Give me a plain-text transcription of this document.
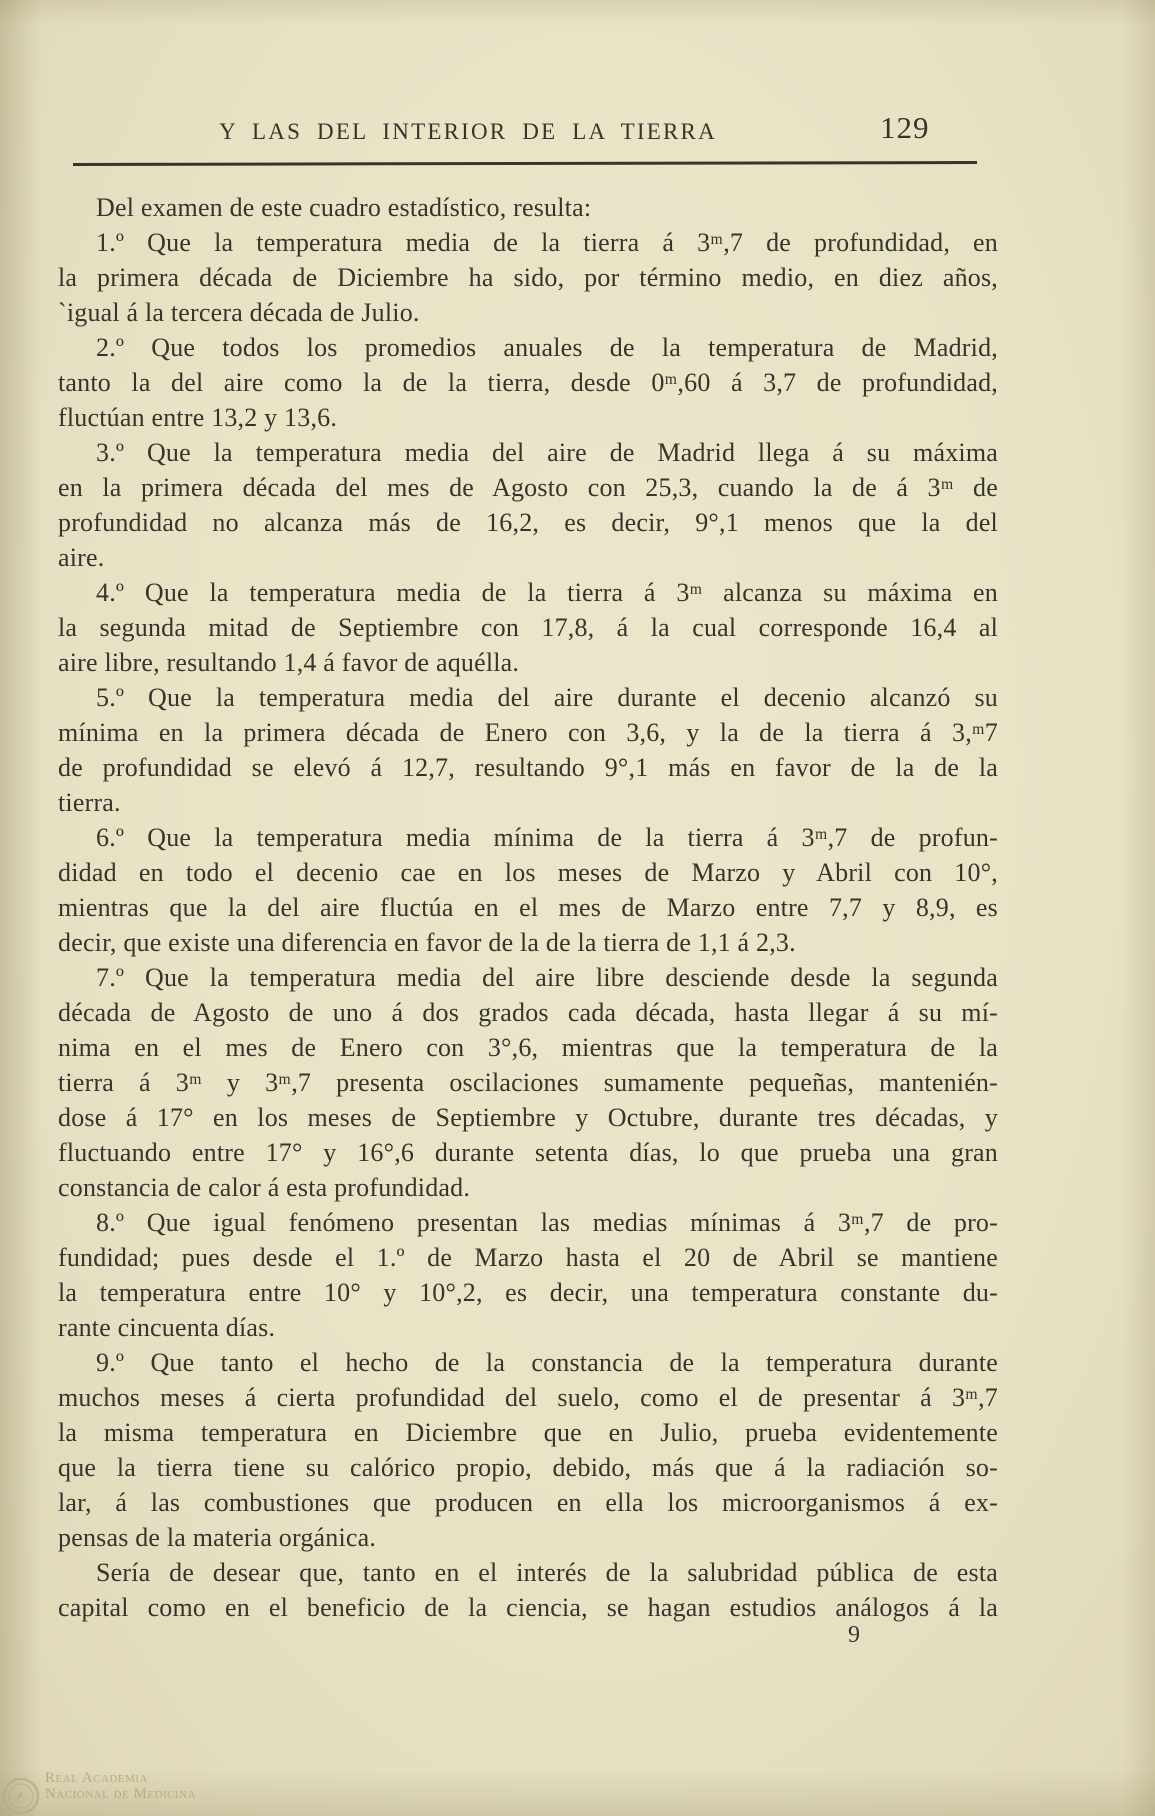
Y LAS DEL INTERIOR DE LA TIERRA	129
Del examen de este cuadro estadístico, resulta:
1.º Que la temperatura media de la tierra á 3ᵐ,7 de profundidad, en
la primera década de Diciembre ha sido, por término medio, en diez años,
`igual á la tercera década de Julio.
2.º Que todos los promedios anuales de la temperatura de Madrid,
tanto la del aire como la de la tierra, desde 0ᵐ,60 á 3,7 de profundidad,
fluctúan entre 13,2 y 13,6.
3.º Que la temperatura media del aire de Madrid llega á su máxima
en la primera década del mes de Agosto con 25,3, cuando la de á 3ᵐ de
profundidad no alcanza más de 16,2, es decir, 9°,1 menos que la del
aire.
4.º Que la temperatura media de la tierra á 3ᵐ alcanza su máxima en
la segunda mitad de Septiembre con 17,8, á la cual corresponde 16,4 al
aire libre, resultando 1,4 á favor de aquélla.
5.º Que la temperatura media del aire durante el decenio alcanzó su
mínima en la primera década de Enero con 3,6, y la de la tierra á 3,ᵐ7
de profundidad se elevó á 12,7, resultando 9°,1 más en favor de la de la
tierra.
6.º Que la temperatura media mínima de la tierra á 3ᵐ,7 de profun-
didad en todo el decenio cae en los meses de Marzo y Abril con 10°,
mientras que la del aire fluctúa en el mes de Marzo entre 7,7 y 8,9, es
decir, que existe una diferencia en favor de la de la tierra de 1,1 á 2,3.
7.º Que la temperatura media del aire libre desciende desde la segunda
década de Agosto de uno á dos grados cada década, hasta llegar á su mí-
nima en el mes de Enero con 3°,6, mientras que la temperatura de la
tierra á 3ᵐ y 3ᵐ,7 presenta oscilaciones sumamente pequeñas, mantenién-
dose á 17° en los meses de Septiembre y Octubre, durante tres décadas, y
fluctuando entre 17° y 16°,6 durante setenta días, lo que prueba una gran
constancia de calor á esta profundidad.
8.º Que igual fenómeno presentan las medias mínimas á 3ᵐ,7 de pro-
fundidad; pues desde el 1.º de Marzo hasta el 20 de Abril se mantiene
la temperatura entre 10° y 10°,2, es decir, una temperatura constante du-
rante cincuenta días.
9.º Que tanto el hecho de la constancia de la temperatura durante
muchos meses á cierta profundidad del suelo, como el de presentar á 3ᵐ,7
la misma temperatura en Diciembre que en Julio, prueba evidentemente
que la tierra tiene su calórico propio, debido, más que á la radiación so-
lar, á las combustiones que producen en ella los microorganismos á ex-
pensas de la materia orgánica.
Sería de desear que, tanto en el interés de la salubridad pública de esta
capital como en el beneficio de la ciencia, se hagan estudios análogos á la
9
Real Academia
Nacional de Medicina
